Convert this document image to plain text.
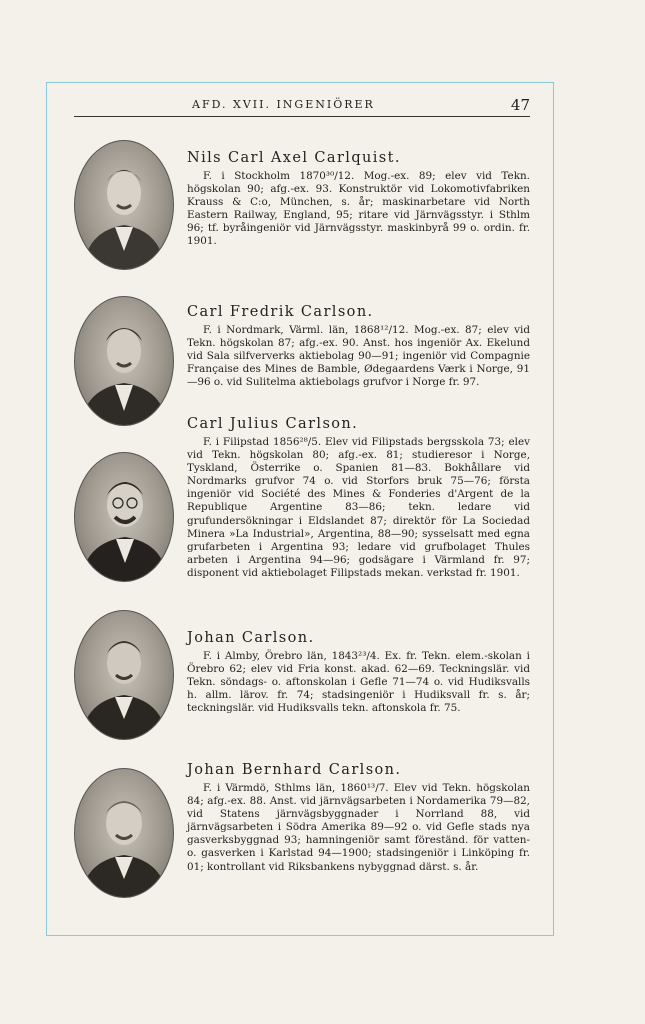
AFD. XVII. INGENIÖRER	47
Nils Carl Axel Carlquist.

F. i Stockholm 1870³⁰/12. Mog.-ex. 89; elev vid Tekn. högskolan 90; afg.-ex. 93. Konstruktör vid Lokomotivfabriken Krauss & C:o, München, s. år; maskinarbetare vid North Eastern Railway, England, 95; ritare vid Järnvägsstyr. i Sthlm 96; tf. byråingeniör vid Järnvägsstyr. maskinbyrå 99 o. ordin. fr. 1901.

Carl Fredrik Carlson.

F. i Nordmark, Värml. län, 1868¹²/12. Mog.-ex. 87; elev vid Tekn. högskolan 87; afg.-ex. 90. Anst. hos ingeniör Ax. Ekelund vid Sala silfververks aktiebolag 90—91; ingeniör vid Compagnie Française des Mines de Bamble, Ødegaardens Værk i Norge, 91—96 o. vid Sulitelma aktiebolags grufvor i Norge fr. 97.

Carl Julius Carlson.

F. i Filipstad 1856²⁸/5. Elev vid Filipstads bergsskola 73; elev vid Tekn. högskolan 80; afg.-ex. 81; studieresor i Norge, Tyskland, Österrike o. Spanien 81—83. Bokhållare vid Nordmarks grufvor 74 o. vid Storfors bruk 75—76; första ingeniör vid Société des Mines & Fonderies d'Argent de la Republique Argentine 83—86; tekn. ledare vid grufundersökningar i Eldslandet 87; direktör för La Sociedad Minera »La Industrial», Argentina, 88—90; sysselsatt med egna grufarbeten i Argentina 93; ledare vid grufbolaget Thules arbeten i Argentina 94—96; godsägare i Värmland fr. 97; disponent vid aktiebolaget Filipstads mekan. verkstad fr. 1901.

Johan Carlson.

F. i Almby, Örebro län, 1843²³/4. Ex. fr. Tekn. elem.-skolan i Örebro 62; elev vid Fria konst. akad. 62—69. Teckningslär. vid Tekn. söndags- o. aftonskolan i Gefle 71—74 o. vid Hudiksvalls h. allm. lärov. fr. 74; stadsingeniör i Hudiksvall fr. s. år; teckningslär. vid Hudiksvalls tekn. aftonskola fr. 75.

Johan Bernhard Carlson.

F. i Värmdö, Sthlms län, 1860¹³/7. Elev vid Tekn. högskolan 84; afg.-ex. 88. Anst. vid järnvägsarbeten i Nordamerika 79—82, vid Statens järnvägsbyggnader i Norrland 88, vid järnvägsarbeten i Södra Amerika 89—92 o. vid Gefle stads nya gasverksbyggnad 93; hamningeniör samt föreständ. för vatten- o. gasverken i Karlstad 94—1900; stadsingeniör i Linköping fr. 01; kontrollant vid Riksbankens nybyggnad därst. s. år.
